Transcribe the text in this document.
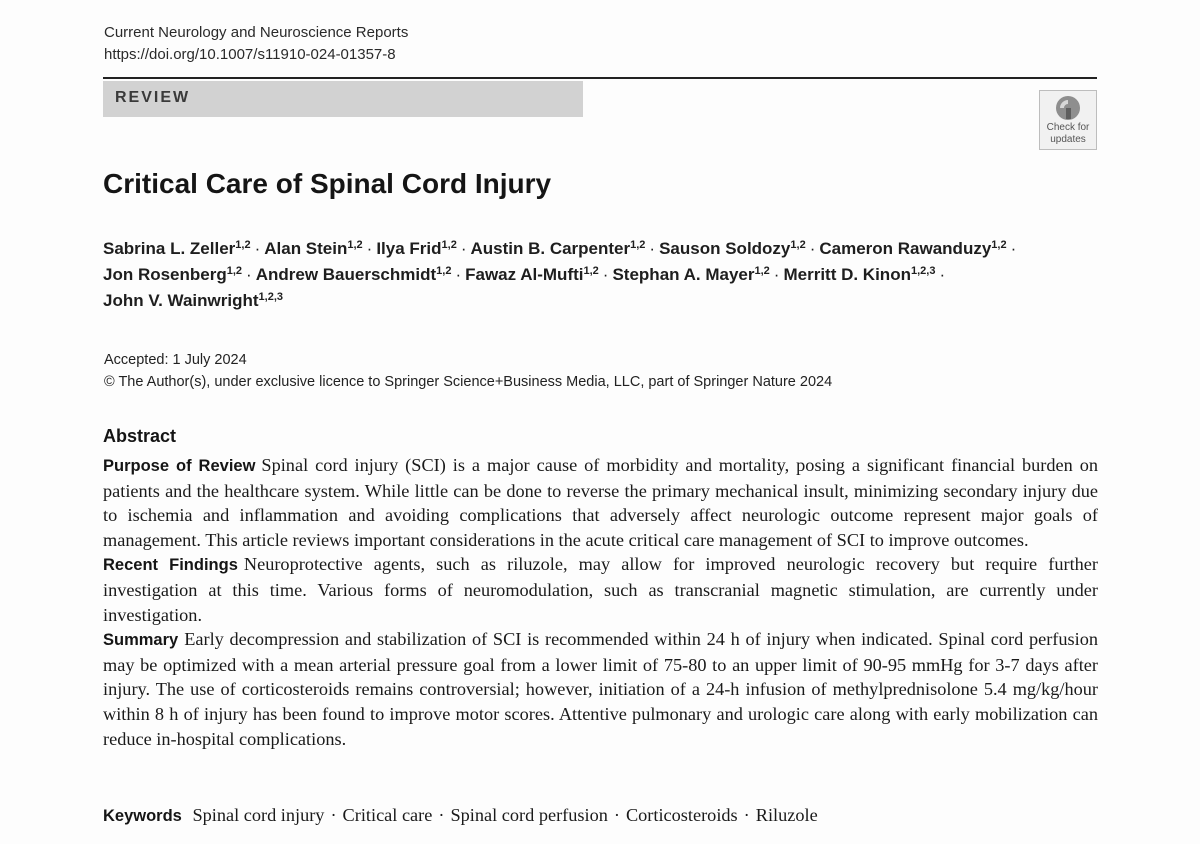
Current Neurology and Neuroscience Reports
https://doi.org/10.1007/s11910-024-01357-8
REVIEW
Check for
updates
Critical Care of Spinal Cord Injury
Sabrina L. Zeller$^{1,2}$ · Alan Stein$^{1,2}$ · Ilya Frid$^{1,2}$ · Austin B. Carpenter$^{1,2}$ · Sauson Soldozy$^{1,2}$ · Cameron Rawanduzy$^{1,2}$ ·
Jon Rosenberg$^{1,2}$ · Andrew Bauerschmidt$^{1,2}$ · Fawaz Al-Mufti$^{1,2}$ · Stephan A. Mayer$^{1,2}$ · Merritt D. Kinon$^{1,2,3}$ ·
John V. Wainwright$^{1,2,3}$
Accepted: 1 July 2024
© The Author(s), under exclusive licence to Springer Science+Business Media, LLC, part of Springer Nature 2024
Abstract

Purpose of Review Spinal cord injury (SCI) is a major cause of morbidity and mortality, posing a significant financial burden on patients and the healthcare system. While little can be done to reverse the primary mechanical insult, minimizing secondary injury due to ischemia and inflammation and avoiding complications that adversely affect neurologic outcome represent major goals of management. This article reviews important considerations in the acute critical care management of SCI to improve outcomes.

Recent Findings Neuroprotective agents, such as riluzole, may allow for improved neurologic recovery but require further investigation at this time. Various forms of neuromodulation, such as transcranial magnetic stimulation, are currently under investigation.

Summary Early decompression and stabilization of SCI is recommended within 24 h of injury when indicated. Spinal cord perfusion may be optimized with a mean arterial pressure goal from a lower limit of 75-80 to an upper limit of 90-95 mmHg for 3-7 days after injury. The use of corticosteroids remains controversial; however, initiation of a 24-h infusion of methylprednisolone 5.4 mg/kg/hour within 8 h of injury has been found to improve motor scores. Attentive pulmonary and urologic care along with early mobilization can reduce in-hospital complications.

Keywords Spinal cord injury · Critical care · Spinal cord perfusion · Corticosteroids · Riluzole
